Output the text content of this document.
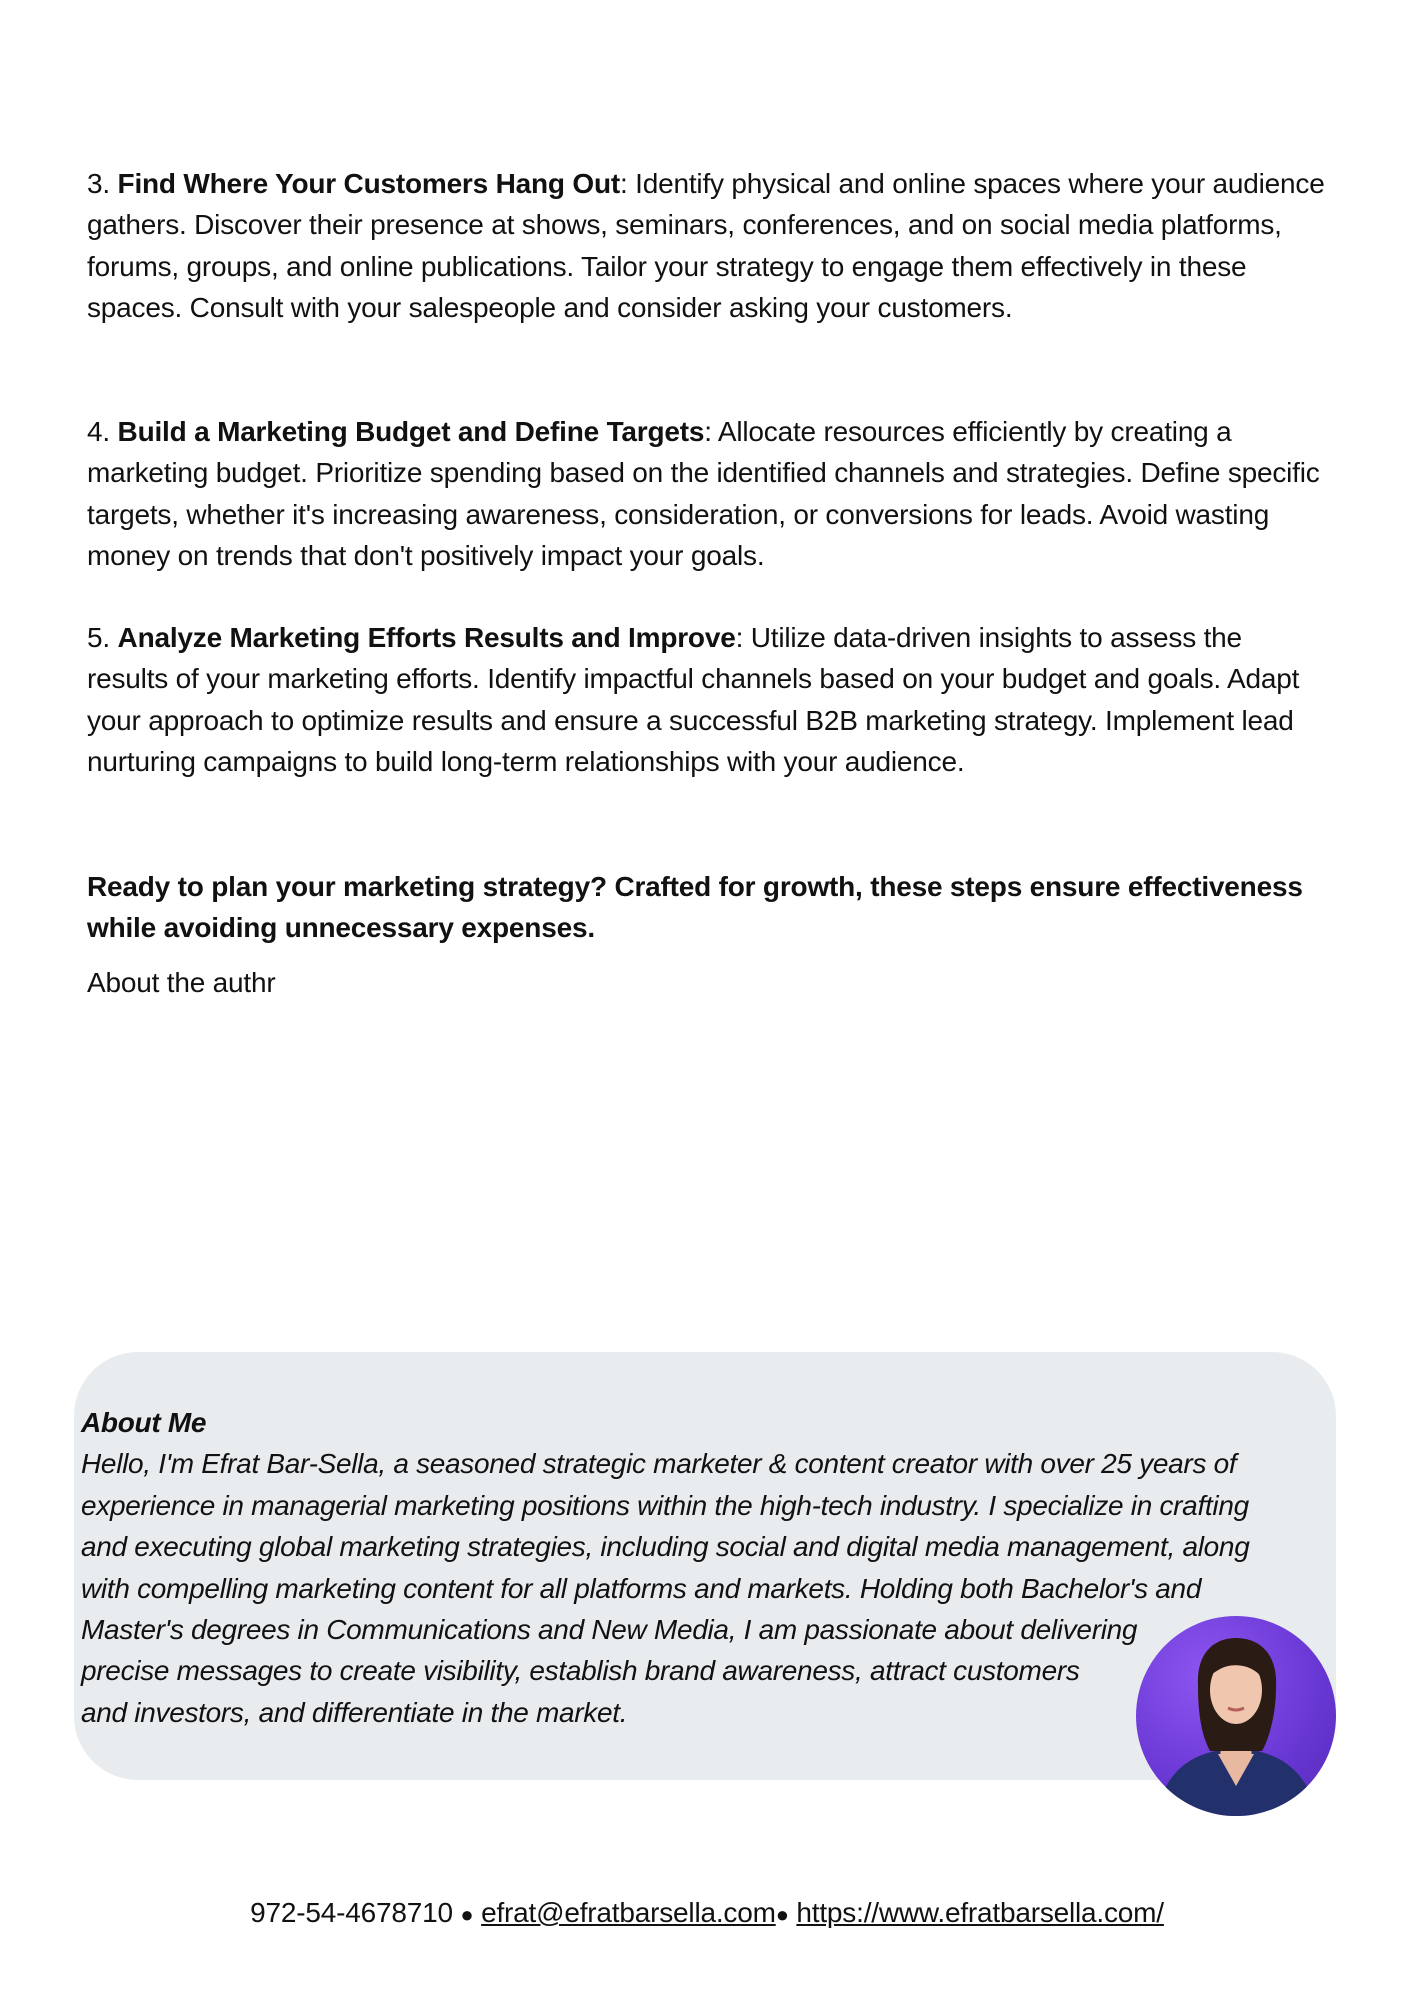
3. Find Where Your Customers Hang Out: Identify physical and online spaces where your audience gathers. Discover their presence at shows, seminars, conferences, and on social media platforms, forums, groups, and online publications. Tailor your strategy to engage them effectively in these spaces. Consult with your salespeople and consider asking your customers.

4. Build a Marketing Budget and Define Targets: Allocate resources efficiently by creating a marketing budget. Prioritize spending based on the identified channels and strategies. Define specific targets, whether it's increasing awareness, consideration, or conversions for leads. Avoid wasting money on trends that don't positively impact your goals.

5. Analyze Marketing Efforts Results and Improve: Utilize data-driven insights to assess the results of your marketing efforts. Identify impactful channels based on your budget and goals. Adapt your approach to optimize results and ensure a successful B2B marketing strategy. Implement lead nurturing campaigns to build long-term relationships with your audience.

Ready to plan your marketing strategy? Crafted for growth, these steps ensure effectiveness while avoiding unnecessary expenses.

About the authr

About Me
Hello, I'm Efrat Bar-Sella, a seasoned strategic marketer & content creator with over 25 years of
experience in managerial marketing positions within the high-tech industry. I specialize in crafting
and executing global marketing strategies, including social and digital media management, along
with compelling marketing content for all platforms and markets. Holding both Bachelor's and
Master's degrees in Communications and New Media, I am passionate about delivering
precise messages to create visibility, establish brand awareness, attract customers
and investors, and differentiate in the market.

972-54-4678710 ● efrat@efratbarsella.com● https://www.efratbarsella.com/
